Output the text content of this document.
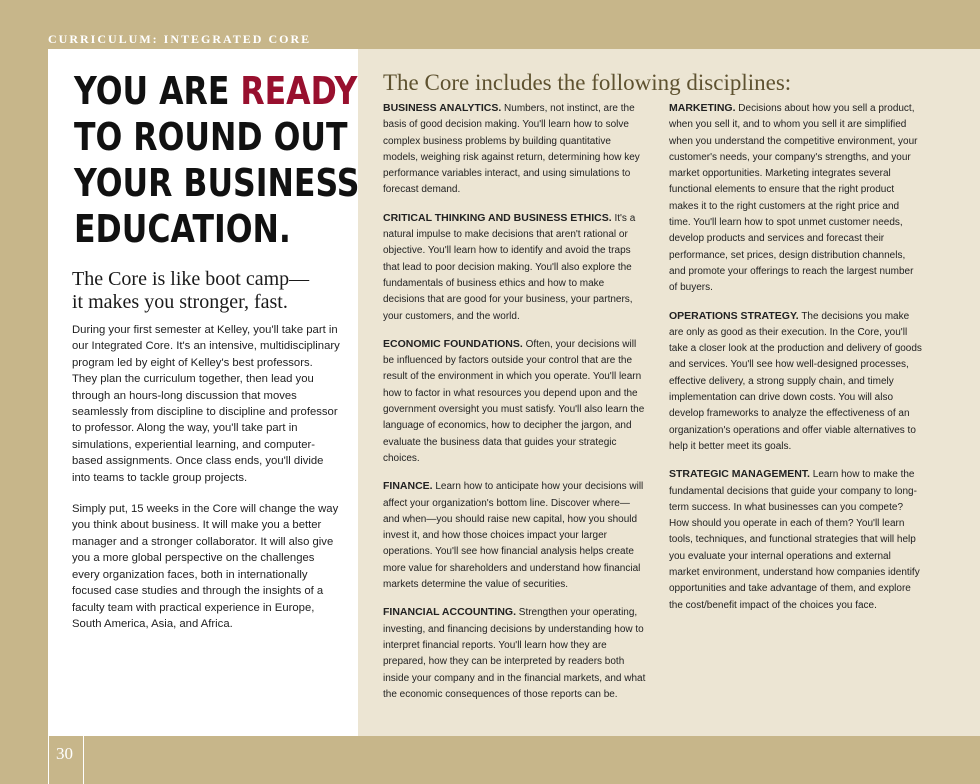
CURRICULUM: INTEGRATED CORE
YOU ARE READY
TO ROUND OUT
YOUR BUSINESS
EDUCATION.
The Core is like boot camp—
it makes you stronger, fast.

During your first semester at Kelley, you'll take part in our Integrated Core. It's an intensive, multidisciplinary program led by eight of Kelley's best professors. They plan the curriculum together, then lead you through an hours-long discussion that moves seamlessly from discipline to discipline and professor to professor. Along the way, you'll take part in simulations, experiential learning, and computer-based assignments. Once class ends, you'll divide into teams to tackle group projects.

Simply put, 15 weeks in the Core will change the way you think about business. It will make you a better manager and a stronger collaborator. It will also give you a more global perspective on the challenges every organization faces, both in internationally focused case studies and through the insights of a faculty team with practical experience in Europe, South America, Asia, and Africa.

The Core includes the following disciplines:

BUSINESS ANALYTICS. Numbers, not instinct, are the basis of good decision making. You'll learn how to solve complex business problems by building quantitative models, weighing risk against return, determining how key performance variables interact, and using simulations to forecast demand.

CRITICAL THINKING AND BUSINESS ETHICS. It's a natural impulse to make decisions that aren't rational or objective. You'll learn how to identify and avoid the traps that lead to poor decision making. You'll also explore the fundamentals of business ethics and how to make decisions that are good for your business, your partners, your customers, and the world.

ECONOMIC FOUNDATIONS. Often, your decisions will be influenced by factors outside your control that are the result of the environment in which you operate. You'll learn how to factor in what resources you depend upon and the government oversight you must satisfy. You'll also learn the language of economics, how to decipher the jargon, and evaluate the business data that guides your strategic choices.

FINANCE. Learn how to anticipate how your decisions will affect your organization's bottom line. Discover where—and when—you should raise new capital, how you should invest it, and how those choices impact your larger operations. You'll see how financial analysis helps create more value for shareholders and understand how financial markets determine the value of securities.

FINANCIAL ACCOUNTING. Strengthen your operating, investing, and financing decisions by understanding how to interpret financial reports. You'll learn how they are prepared, how they can be interpreted by readers both inside your company and in the financial markets, and what the economic consequences of those reports can be.

MARKETING. Decisions about how you sell a product, when you sell it, and to whom you sell it are simplified when you understand the competitive environment, your customer's needs, your company's strengths, and your market opportunities. Marketing integrates several functional elements to ensure that the right product makes it to the right customers at the right price and time. You'll learn how to spot unmet customer needs, develop products and services and forecast their performance, set prices, design distribution channels, and promote your offerings to reach the largest number of buyers.

OPERATIONS STRATEGY. The decisions you make are only as good as their execution. In the Core, you'll take a closer look at the production and delivery of goods and services. You'll see how well-designed processes, effective delivery, a strong supply chain, and timely implementation can drive down costs. You will also develop frameworks to analyze the effectiveness of an organization's operations and offer viable alternatives to help it better meet its goals.

STRATEGIC MANAGEMENT. Learn how to make the fundamental decisions that guide your company to long-term success. In what businesses can you compete? How should you operate in each of them? You'll learn tools, techniques, and functional strategies that will help you evaluate your internal operations and external market environment, understand how companies identify opportunities and take advantage of them, and explore the cost/benefit impact of the choices you face.

30
